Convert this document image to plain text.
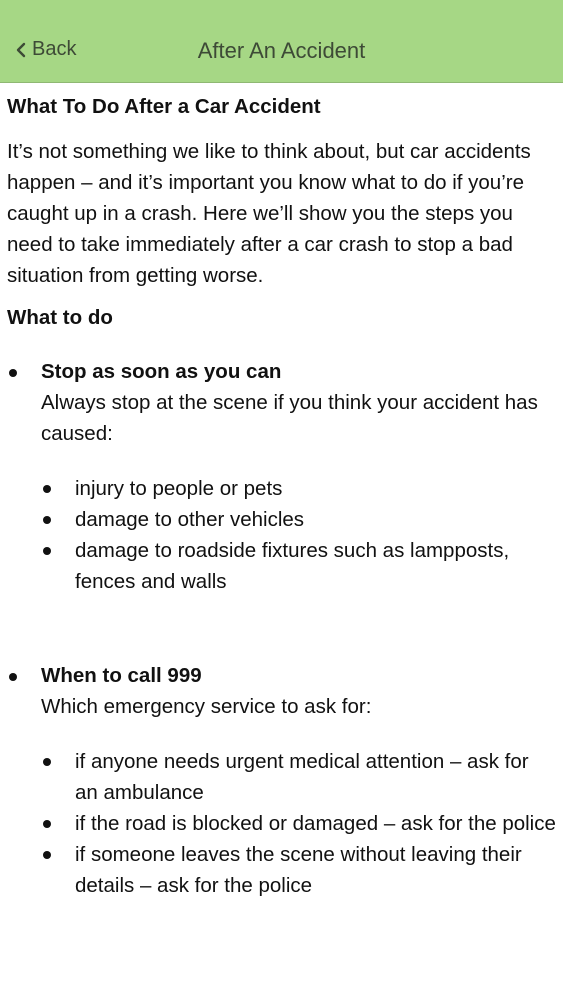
Back	After An Accident
What To Do After a Car Accident

It’s not something we like to think about, but car accidents happen – and it’s important you know what to do if you’re caught up in a crash. Here we’ll show you the steps you need to take immediately after a car crash to stop a bad situation from getting worse.

What to do
Stop as soon as you can
Always stop at the scene if you think your accident has caused:
injury to people or pets
damage to other vehicles
damage to roadside fixtures such as lampposts, fences and walls
When to call 999
Which emergency service to ask for:
if anyone needs urgent medical attention – ask for an ambulance
if the road is blocked or damaged – ask for the police
if someone leaves the scene without leaving their details – ask for the police
